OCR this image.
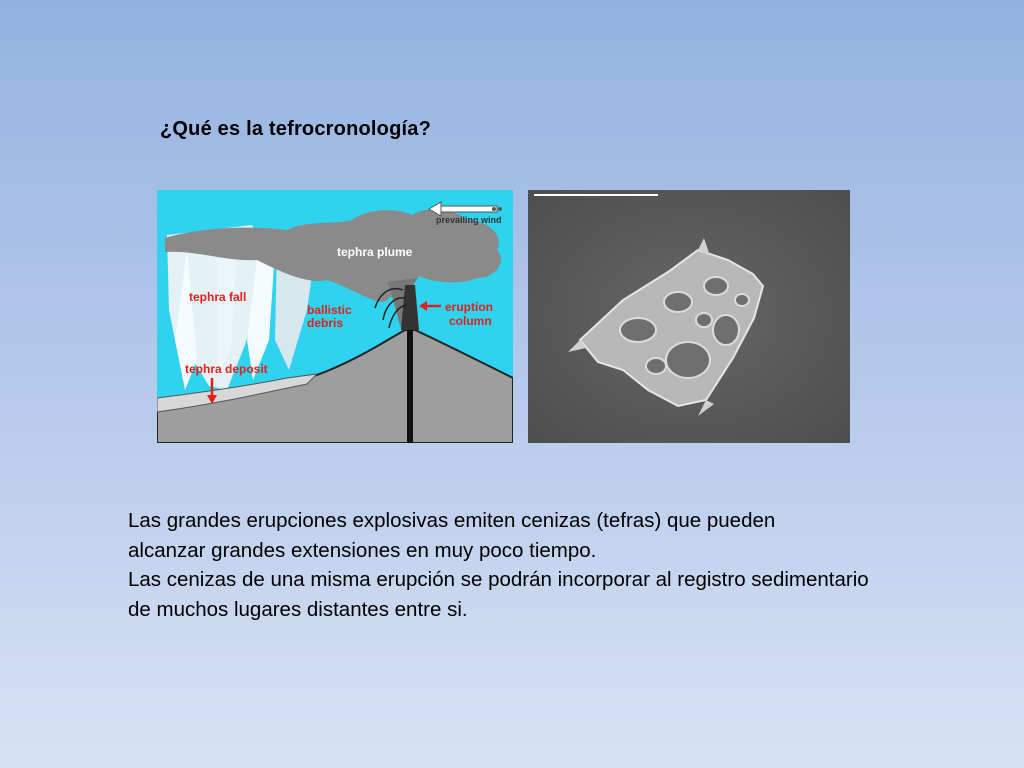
¿Qué es la tefrocronología?
prevailing wind
tephra plume
tephra fall
ballistic
debris
eruption
column
tephra deposit

Las grandes erupciones explosivas emiten cenizas (tefras) que pueden

alcanzar grandes extensiones en muy poco tiempo.

Las cenizas de una misma erupción se podrán incorporar al registro sedimentario

de muchos lugares distantes entre si.
